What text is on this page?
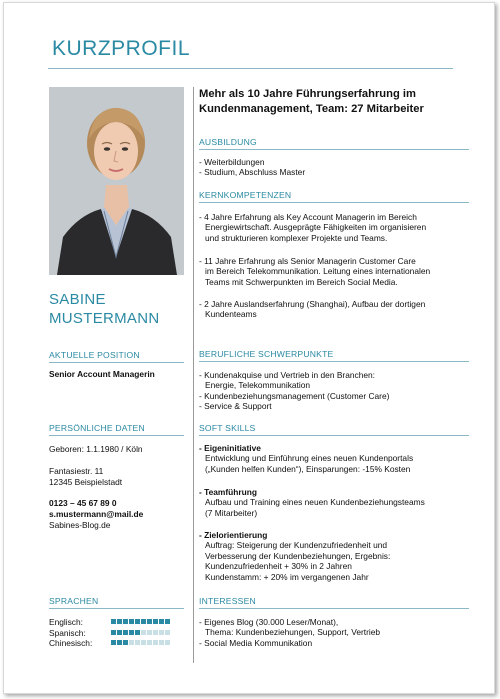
KURZPROFIL
SABINE
MUSTERMANN
Mehr als 10 Jahre Führungserfahrung im Kundenmanagement, Team: 27 Mitarbeiter
AKTUELLE POSITION
Senior Account Managerin
PERSÖNLICHE DATEN
Geboren: 1.1.1980 / Köln
Fantasiestr. 11
12345 Beispielstadt
0123 – 45 67 89 0
s.mustermann@mail.de
Sabines-Blog.de
SPRACHEN
Englisch:
Spanisch:
Chinesisch:
AUSBILDUNG
- Weiterbildungen
- Studium, Abschluss Master
KERNKOMPETENZEN
- 4 Jahre Erfahrung als Key Account Managerin im Bereich
Energiewirtschaft. Ausgeprägte Fähigkeiten im organisieren
und strukturieren komplexer Projekte und Teams.
- 11 Jahre Erfahrung als Senior Managerin Customer Care
im Bereich Telekommunikation. Leitung eines internationalen
Teams mit Schwerpunkten im Bereich Social Media.
- 2 Jahre Auslandserfahrung (Shanghai), Aufbau der dortigen
Kundenteams
BERUFLICHE SCHWERPUNKTE
- Kundenakquise und Vertrieb in den Branchen:
Energie, Telekommunikation
- Kundenbeziehungsmanagement (Customer Care)
- Service & Support
SOFT SKILLS
- Eigeninitiative
Entwicklung und Einführung eines neuen Kundenportals
(„Kunden helfen Kunden“), Einsparungen: -15% Kosten
- Teamführung
Aufbau und Training eines neuen Kundenbeziehungsteams
(7 Mitarbeiter)
- Zielorientierung
Auftrag: Steigerung der Kundenzufriedenheit und
Verbesserung der Kundenbeziehungen, Ergebnis:
Kundenzufriedenheit + 30% in 2 Jahren
Kundenstamm: + 20% im vergangenen Jahr
INTERESSEN
- Eigenes Blog (30.000 Leser/Monat),
Thema: Kundenbeziehungen, Support, Vertrieb
- Social Media Kommunikation
